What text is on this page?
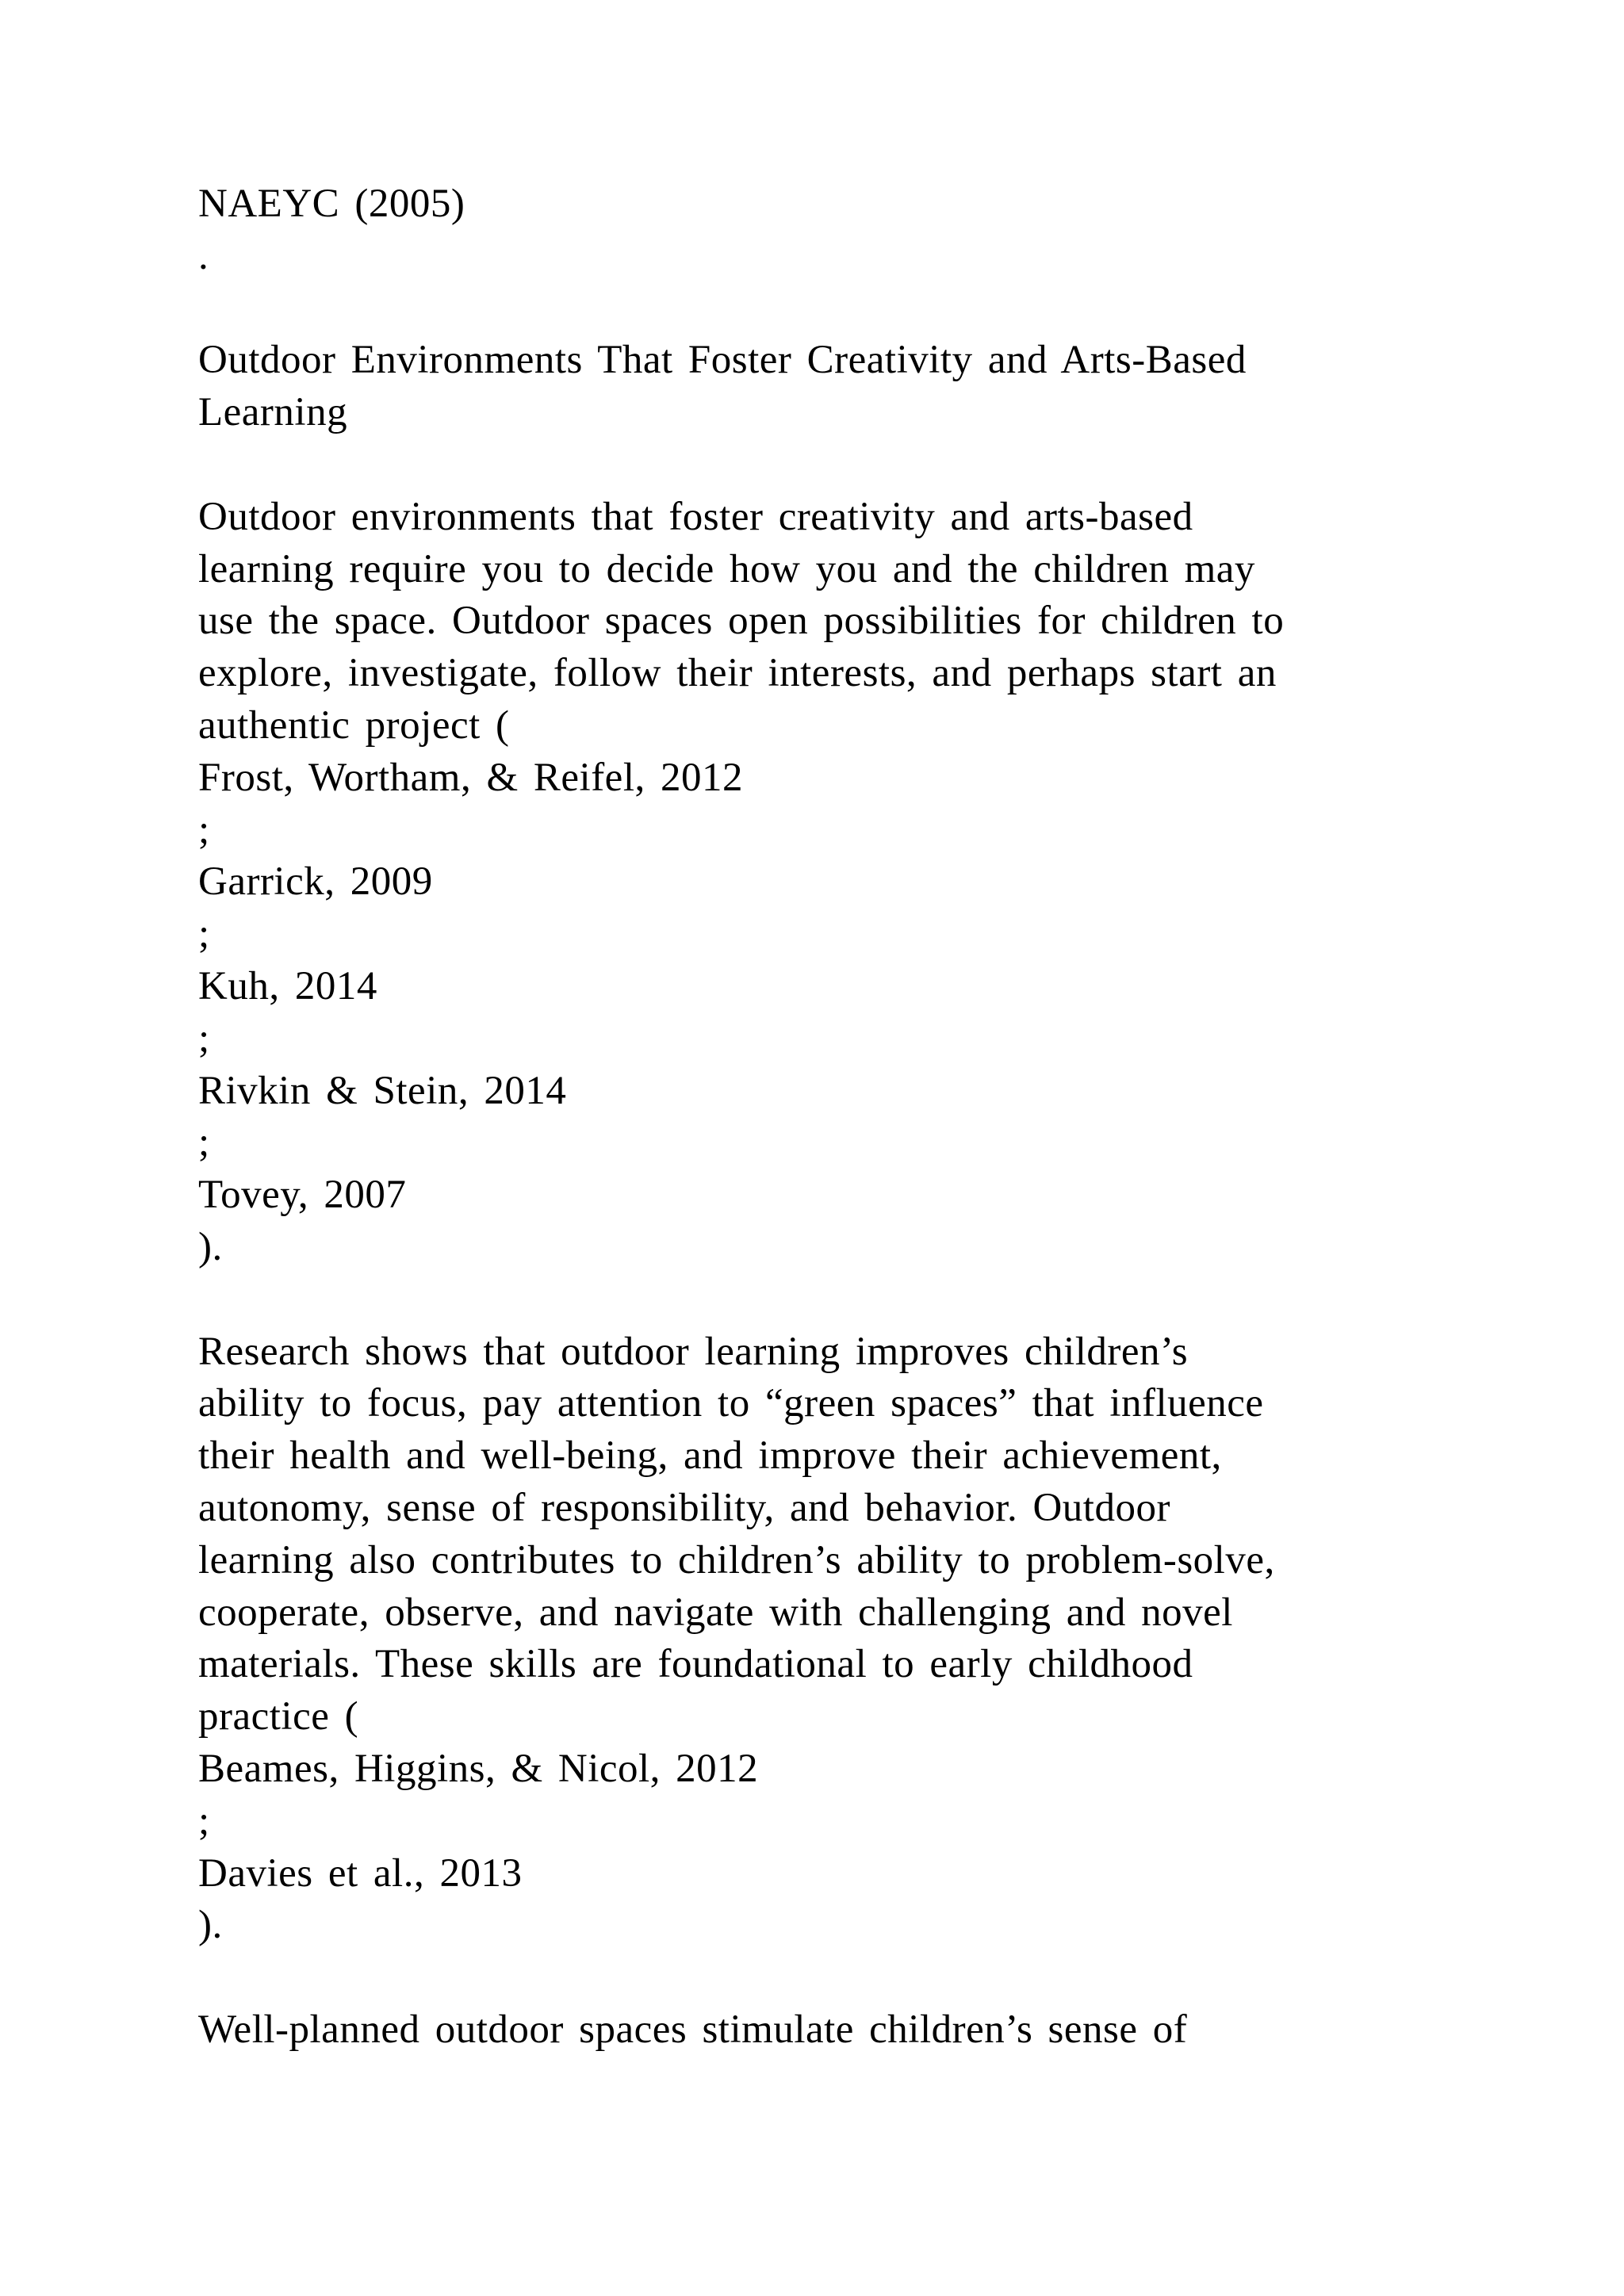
NAEYC (2005)
.
Outdoor Environments That Foster Creativity and Arts-Based
Learning
Outdoor environments that foster creativity and arts-based
learning require you to decide how you and the children may
use the space. Outdoor spaces open possibilities for children to
explore, investigate, follow their interests, and perhaps start an
authentic project (
Frost, Wortham, & Reifel, 2012
;
Garrick, 2009
;
Kuh, 2014
;
Rivkin & Stein, 2014
;
Tovey, 2007
).
Research shows that outdoor learning improves children’s
ability to focus, pay attention to “green spaces” that influence
their health and well-being, and improve their achievement,
autonomy, sense of responsibility, and behavior. Outdoor
learning also contributes to children’s ability to problem-solve,
cooperate, observe, and navigate with challenging and novel
materials. These skills are foundational to early childhood
practice (
Beames, Higgins, & Nicol, 2012
;
Davies et al., 2013
).
Well-planned outdoor spaces stimulate children’s sense of
